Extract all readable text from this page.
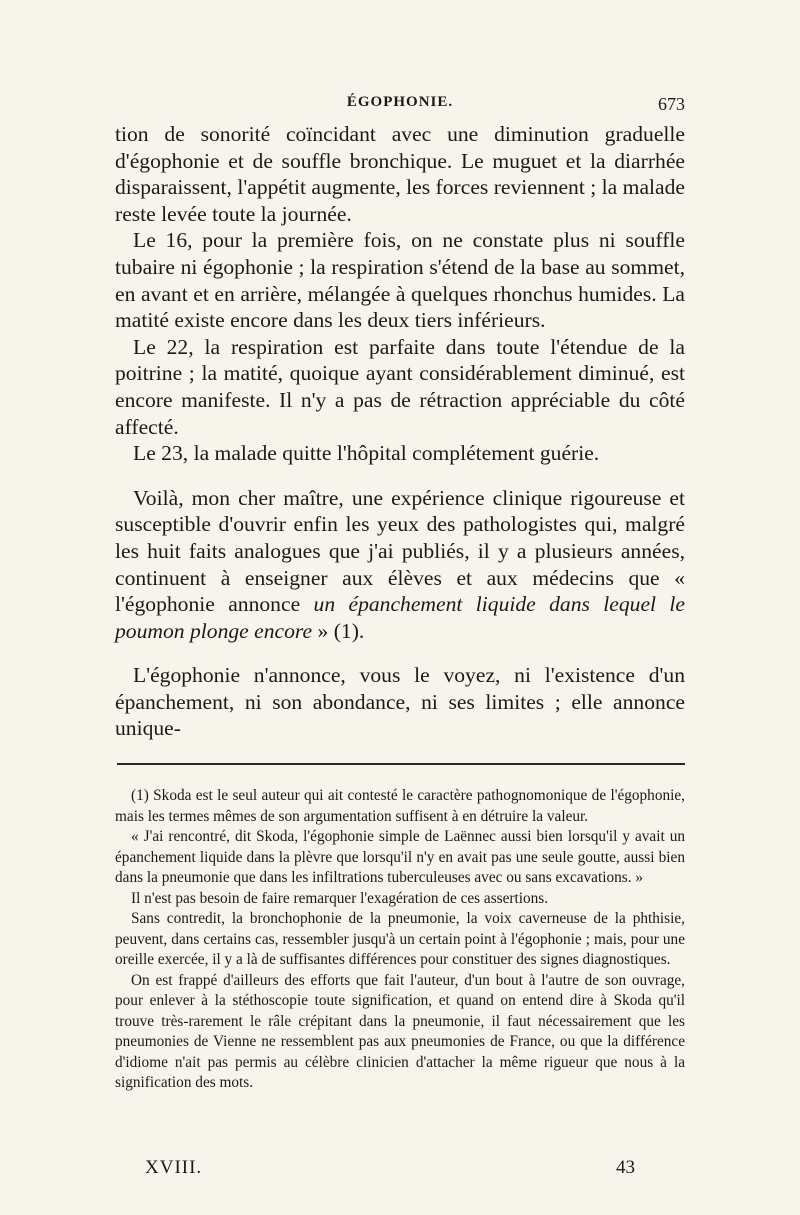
ÉGOPHONIE.	673

tion de sonorité coïncidant avec une diminution graduelle d'égophonie et de souffle bronchique. Le muguet et la diarrhée disparaissent, l'appétit augmente, les forces reviennent ; la malade reste levée toute la journée.

Le 16, pour la première fois, on ne constate plus ni souffle tubaire ni égophonie ; la respiration s'étend de la base au sommet, en avant et en arrière, mélangée à quelques rhonchus humides. La matité existe encore dans les deux tiers inférieurs.

Le 22, la respiration est parfaite dans toute l'étendue de la poitrine ; la matité, quoique ayant considérablement diminué, est encore manifeste. Il n'y a pas de rétraction appréciable du côté affecté.

Le 23, la malade quitte l'hôpital complétement guérie.

Voilà, mon cher maître, une expérience clinique rigoureuse et susceptible d'ouvrir enfin les yeux des pathologistes qui, malgré les huit faits analogues que j'ai publiés, il y a plusieurs années, continuent à enseigner aux élèves et aux médecins que « l'égophonie annonce un épanchement liquide dans lequel le poumon plonge encore » (1).

L'égophonie n'annonce, vous le voyez, ni l'existence d'un épanchement, ni son abondance, ni ses limites ; elle annonce unique-

(1) Skoda est le seul auteur qui ait contesté le caractère pathognomonique de l'égophonie, mais les termes mêmes de son argumentation suffisent à en détruire la valeur.

« J'ai rencontré, dit Skoda, l'égophonie simple de Laënnec aussi bien lorsqu'il y avait un épanchement liquide dans la plèvre que lorsqu'il n'y en avait pas une seule goutte, aussi bien dans la pneumonie que dans les infiltrations tuberculeuses avec ou sans excavations. »

Il n'est pas besoin de faire remarquer l'exagération de ces assertions.

Sans contredit, la bronchophonie de la pneumonie, la voix caverneuse de la phthisie, peuvent, dans certains cas, ressembler jusqu'à un certain point à l'égophonie ; mais, pour une oreille exercée, il y a là de suffisantes différences pour constituer des signes diagnostiques.

On est frappé d'ailleurs des efforts que fait l'auteur, d'un bout à l'autre de son ouvrage, pour enlever à la stéthoscopie toute signification, et quand on entend dire à Skoda qu'il trouve très-rarement le râle crépitant dans la pneumonie, il faut nécessairement que les pneumonies de Vienne ne ressemblent pas aux pneumonies de France, ou que la différence d'idiome n'ait pas permis au célèbre clinicien d'attacher la même rigueur que nous à la signification des mots.

XVIII.	43
